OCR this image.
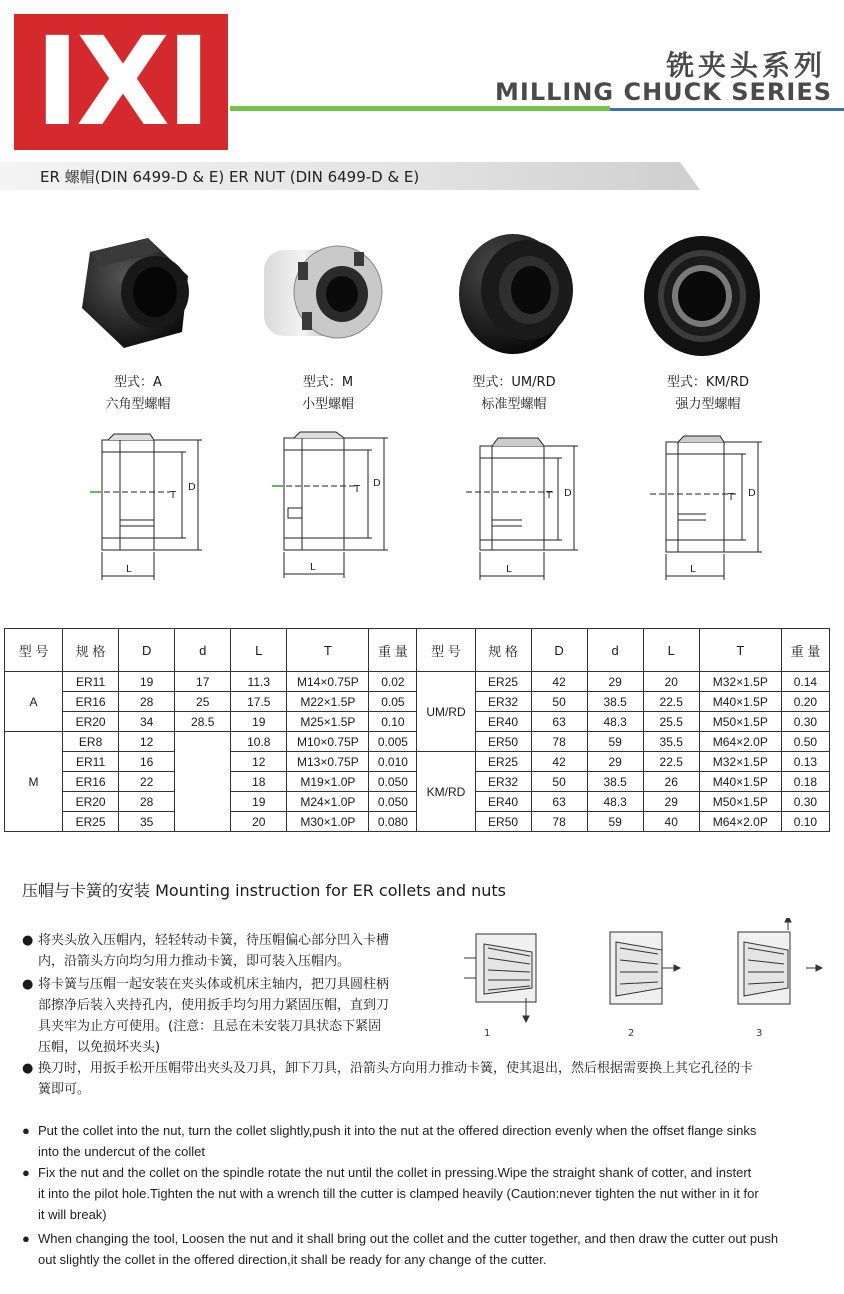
IXI	铣夹头系列
MILLING CHUCK SERIES
ER 螺帽(DIN 6499-D & E) ER NUT (DIN 6499-D & E)
型式：A
六角型螺帽
型式：M
小型螺帽
型式：UM/RD
标准型螺帽
型式：KM/RD
强力型螺帽
T
D
L
T
D
L
T D
L
T D
L
型 号	规 格	D	d	L	T	重 量	型 号	规 格	D	d	L	T	重 量
A	ER11	19	17	11.3	M14×0.75P	0.02	UM/RD	ER25	42	29	20	M32×1.5P	0.14
	ER16	28	25	17.5	M22×1.5P	0.05		ER32	50	38.5	22.5	M40×1.5P	0.20
	ER20	34	28.5	19	M25×1.5P	0.10		ER40	63	48.3	25.5	M50×1.5P	0.30
M	ER8	12		10.8	M10×0.75P	0.005		ER50	78	59	35.5	M64×2.0P	0.50
	ER11	16		12	M13×0.75P	0.010	KM/RD	ER25	42	29	22.5	M32×1.5P	0.13
	ER16	22		18	M19×1.0P	0.050		ER32	50	38.5	26	M40×1.5P	0.18
	ER20	28		19	M24×1.0P	0.050		ER40	63	48.3	29	M50×1.5P	0.30
	ER25	35		20	M30×1.0P	0.080		ER50	78	59	40	M64×2.0P	0.10
压帽与卡簧的安装 Mounting instruction for ER collets and nuts
● 将夹头放入压帽内，轻轻转动卡簧，待压帽偏心部分凹入卡槽
内，沿箭头方向均匀用力推动卡簧，即可装入压帽内。
● 将卡簧与压帽一起安装在夹头体或机床主轴内，把刀具圆柱柄
部擦净后装入夹持孔内，使用扳手均匀用力紧固压帽，直到刀
具夹牢为止方可使用。(注意：且忌在未安装刀具状态下紧固
压帽，以免损坏夹头)
● 换刀时，用扳手松开压帽带出夹头及刀具，卸下刀具，沿箭头方向用力推动卡簧，使其退出，然后根据需要换上其它孔径的卡
簧即可。
1	2	3
● Put the collet into the nut, turn the collet slightly,push it into the nut at the offered direction evenly when the offset flange sinks
into the undercut of the collet
● Fix the nut and the collet on the spindle rotate the nut until the collet in pressing.Wipe the straight shank of cotter, and instert
it into the pilot hole.Tighten the nut with a wrench till the cutter is clamped heavily (Caution:never tighten the nut wither in it for
it will break)
● When changing the tool, Loosen the nut and it shall bring out the collet and the cutter together, and then draw the cutter out push
out slightly the collet in the offered direction,it shall be ready for any change of the cutter.
